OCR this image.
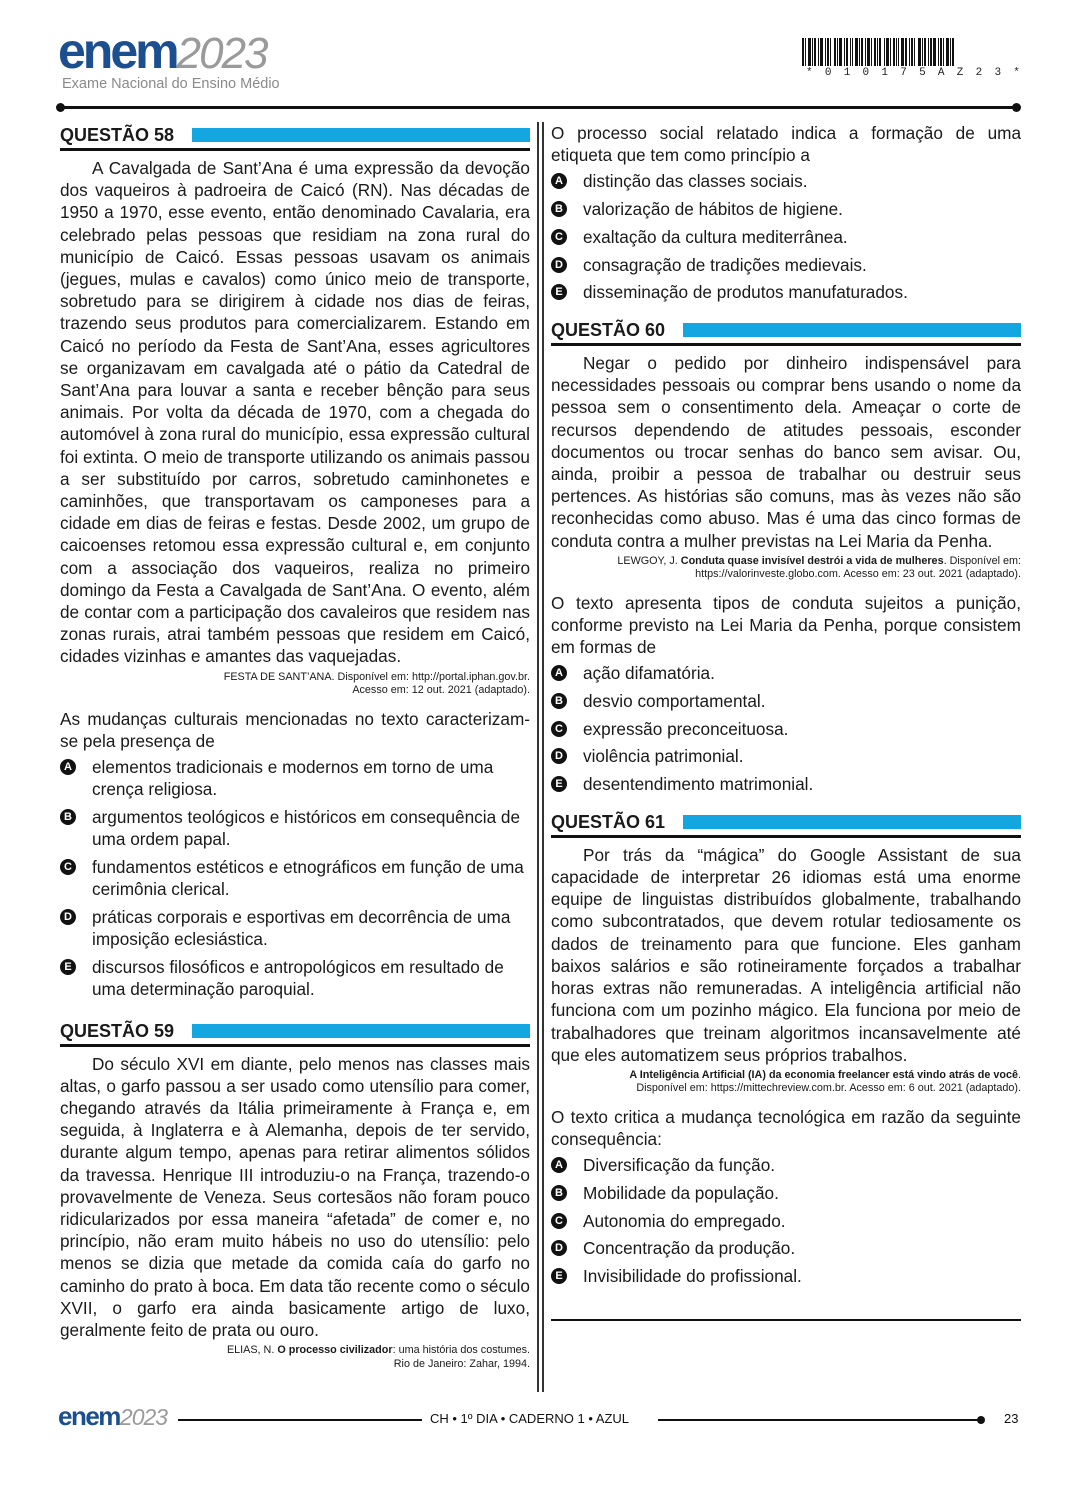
enem2023
Exame Nacional do Ensino Médio
* 0 1 0 1 7 5 A Z 2 3 *
QUESTÃO 58

A Cavalgada de Sant’Ana é uma expressão da devoção dos vaqueiros à padroeira de Caicó (RN). Nas décadas de 1950 a 1970, esse evento, então denominado Cavalaria, era celebrado pelas pessoas que residiam na zona rural do município de Caicó. Essas pessoas usavam os animais (jegues, mulas e cavalos) como único meio de transporte, sobretudo para se dirigirem à cidade nos dias de feiras, trazendo seus produtos para comercializarem. Estando em Caicó no período da Festa de Sant’Ana, esses agricultores se organizavam em cavalgada até o pátio da Catedral de Sant’Ana para louvar a santa e receber bênção para seus animais. Por volta da década de 1970, com a chegada do automóvel à zona rural do município, essa expressão cultural foi extinta. O meio de transporte utilizando os animais passou a ser substituído por carros, sobretudo caminhonetes e caminhões, que transportavam os camponeses para a cidade em dias de feiras e festas. Desde 2002, um grupo de caicoenses retomou essa expressão cultural e, em conjunto com a associação dos vaqueiros, realiza no primeiro domingo da Festa a Cavalgada de Sant’Ana. O evento, além de contar com a participação dos cavaleiros que residem nas zonas rurais, atrai também pessoas que residem em Caicó, cidades vizinhas e amantes das vaquejadas.

FESTA DE SANT’ANA. Disponível em: http://portal.iphan.gov.br.
Acesso em: 12 out. 2021 (adaptado).

As mudanças culturais mencionadas no texto caracterizam-se pela presença de

A elementos tradicionais e modernos em torno de uma crença religiosa.
B argumentos teológicos e históricos em consequência de uma ordem papal.
C fundamentos estéticos e etnográficos em função de uma cerimônia clerical.
D práticas corporais e esportivas em decorrência de uma imposição eclesiástica.
E discursos filosóficos e antropológicos em resultado de uma determinação paroquial.
QUESTÃO 59

Do século XVI em diante, pelo menos nas classes mais altas, o garfo passou a ser usado como utensílio para comer, chegando através da Itália primeiramente à França e, em seguida, à Inglaterra e à Alemanha, depois de ter servido, durante algum tempo, apenas para retirar alimentos sólidos da travessa. Henrique III introduziu-o na França, trazendo-o provavelmente de Veneza. Seus cortesãos não foram pouco ridicularizados por essa maneira “afetada” de comer e, no princípio, não eram muito hábeis no uso do utensílio: pelo menos se dizia que metade da comida caía do garfo no caminho do prato à boca. Em data tão recente como o século XVII, o garfo era ainda basicamente artigo de luxo, geralmente feito de prata ou ouro.

ELIAS, N. O processo civilizador: uma história dos costumes.
Rio de Janeiro: Zahar, 1994.

O processo social relatado indica a formação de uma etiqueta que tem como princípio a

A distinção das classes sociais.
B valorização de hábitos de higiene.
C exaltação da cultura mediterrânea.
D consagração de tradições medievais.
E disseminação de produtos manufaturados.
QUESTÃO 60

Negar o pedido por dinheiro indispensável para necessidades pessoais ou comprar bens usando o nome da pessoa sem o consentimento dela. Ameaçar o corte de recursos dependendo de atitudes pessoais, esconder documentos ou trocar senhas do banco sem avisar. Ou, ainda, proibir a pessoa de trabalhar ou destruir seus pertences. As histórias são comuns, mas às vezes não são reconhecidas como abuso. Mas é uma das cinco formas de conduta contra a mulher previstas na Lei Maria da Penha.

LEWGOY, J. Conduta quase invisível destrói a vida de mulheres. Disponível em:
https://valorinveste.globo.com. Acesso em: 23 out. 2021 (adaptado).

O texto apresenta tipos de conduta sujeitos a punição, conforme previsto na Lei Maria da Penha, porque consistem em formas de

A ação difamatória.
B desvio comportamental.
C expressão preconceituosa.
D violência patrimonial.
E desentendimento matrimonial.
QUESTÃO 61

Por trás da “mágica” do Google Assistant de sua capacidade de interpretar 26 idiomas está uma enorme equipe de linguistas distribuídos globalmente, trabalhando como subcontratados, que devem rotular tediosamente os dados de treinamento para que funcione. Eles ganham baixos salários e são rotineiramente forçados a trabalhar horas extras não remuneradas. A inteligência artificial não funciona com um pozinho mágico. Ela funciona por meio de trabalhadores que treinam algoritmos incansavelmente até que eles automatizem seus próprios trabalhos.

A Inteligência Artificial (IA) da economia freelancer está vindo atrás de você.
Disponível em: https://mittechreview.com.br. Acesso em: 6 out. 2021 (adaptado).

O texto critica a mudança tecnológica em razão da seguinte consequência:

A Diversificação da função.
B Mobilidade da população.
C Autonomia do empregado.
D Concentração da produção.
E Invisibilidade do profissional.
enem2023	CH • 1º DIA • CADERNO 1 • AZUL	23
